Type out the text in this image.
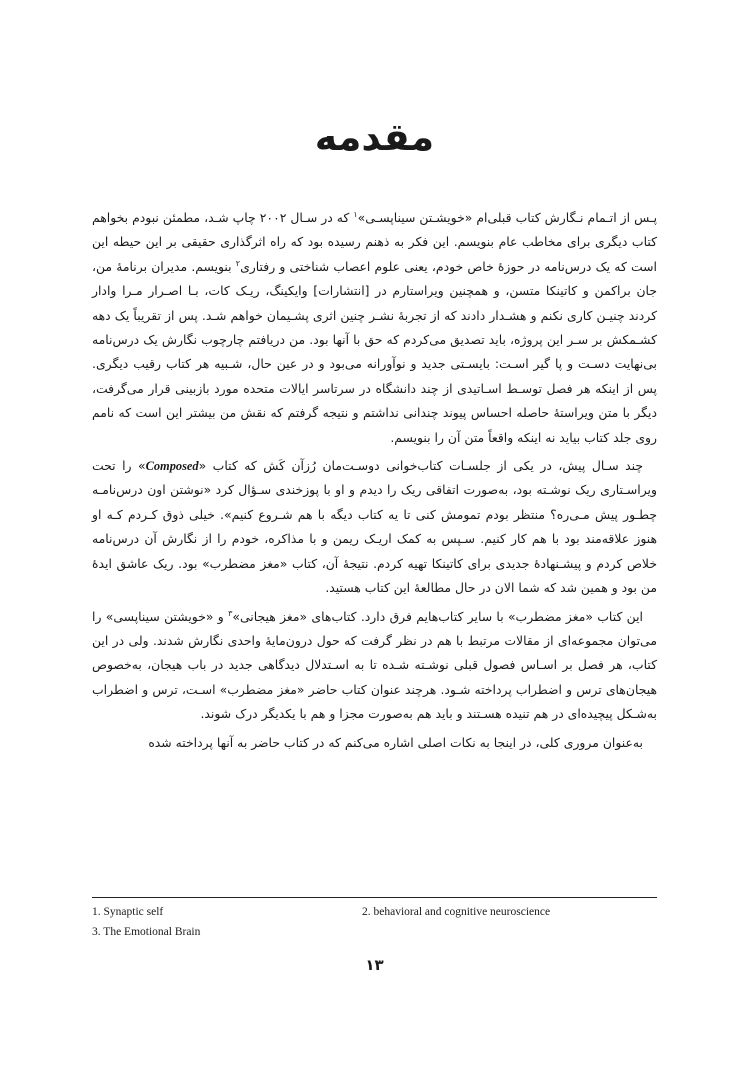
مقدمه

پـس از اتـمام نـگارش کتاب قبلی‌ام «خویشـتن سیناپسـی»$^۱$ که در سـال ۲۰۰۲ چاپ شـد، مطمئن نبودم بخواهم کتاب دیگری برای مخاطب عام بنویسم. این فکر به ذهنم رسیده بود که راه اثرگذاری حقیقی بر این حیطه این است که یک درس‌نامه در حوزۀ خاص خودم، یعنی علوم اعصاب شناختی و رفتاری$^۲$ بنویسم. مدیران برنامۀ من، جان براکمن و کاتینکا متسن، و همچنین ویراستارم در [انتشارات] وایکینگ، ریـک کات، بـا اصـرار مـرا وادار کردند چنیـن کاری نکنم و هشـدار دادند که از تجربۀ نشـر چنین اثری پشـیمان خواهم شـد. پس از تقریباً یک دهه کشـمکش بر سـر این پروژه، باید تصدیق می‌کردم که حق با آنها بود. من دریافتم چارچوب نگارش یک درس‌نامه بی‌نهایت دسـت و پا گیر اسـت: بایسـتی جدید و نوآورانه می‌بود و در عین حال، شـبیه هر کتاب رقیب دیگری. پس از اینکه هر فصل توسـط اسـاتیدی از چند دانشگاه در سرتاسر ایالات متحده مورد بازبینی قرار می‌گرفت، دیگر با متن ویراستۀ حاصله احساس پیوند چندانی نداشتم و نتیجه گرفتم که نقش من بیشتر این است که نامم روی جلد کتاب بیاید نه اینکه واقعاً متن آن را بنویسم.

چند سـال پیش، در یکی از جلسـات کتاب‌خوانی دوسـت‌مان رُزآن کَش که کتاب «Composed» را تحت ویراسـتاری ریک نوشـته بود، به‌صورت اتفاقی ریک را دیدم و او با پوزخندی سـؤال کرد «نوشتن اون درس‌نامـه چطـور پیش مـی‌ره؟ منتظر بودم تمومش کنی تا یه کتاب دیگه با هم شـروع کنیم». خیلی ذوق کـردم کـه او هنوز علاقه‌مند بود با هم کار کنیم. سـپس به کمک اریـک ریمن و با مذاکره، خودم را از نگارش آن درس‌نامه خلاص کردم و پیشـنهادۀ جدیدی برای کاتینکا تهیه کردم. نتیجۀ آن، کتاب «مغز مضطرب» بود. ریک عاشق ایدۀ من بود و همین شد که شما الان در حال مطالعۀ این کتاب هستید.

این کتاب «مغز مضطرب» با سایر کتاب‌هایم فرق دارد. کتاب‌های «مغز هیجانی»$^۳$ و «خویشتن سیناپسی» را می‌توان مجموعه‌ای از مقالات مرتبط با هم در نظر گرفت که حول درون‌مایۀ واحدی نگارش شدند. ولی در این کتاب، هر فصل بر اسـاس فصول قبلی نوشـته شـده تا به اسـتدلال دیدگاهی جدید در باب هیجان، به‌خصوص هیجان‌های ترس و اضطراب پرداخته شـود. هرچند عنوان کتاب حاضر «مغز مضطرب» اسـت، ترس و اضطراب به‌شـکل پیچیده‌ای در هم تنیده هسـتند و باید هم به‌صورت مجزا و هم با یکدیگر درک شوند.

به‌عنوان مروری کلی، در اینجا به نکات اصلی اشاره می‌کنم که در کتاب حاضر به آنها پرداخته شده

1. Synaptic self	2. behavioral and cognitive neuroscience
3. The Emotional Brain
۱۳
